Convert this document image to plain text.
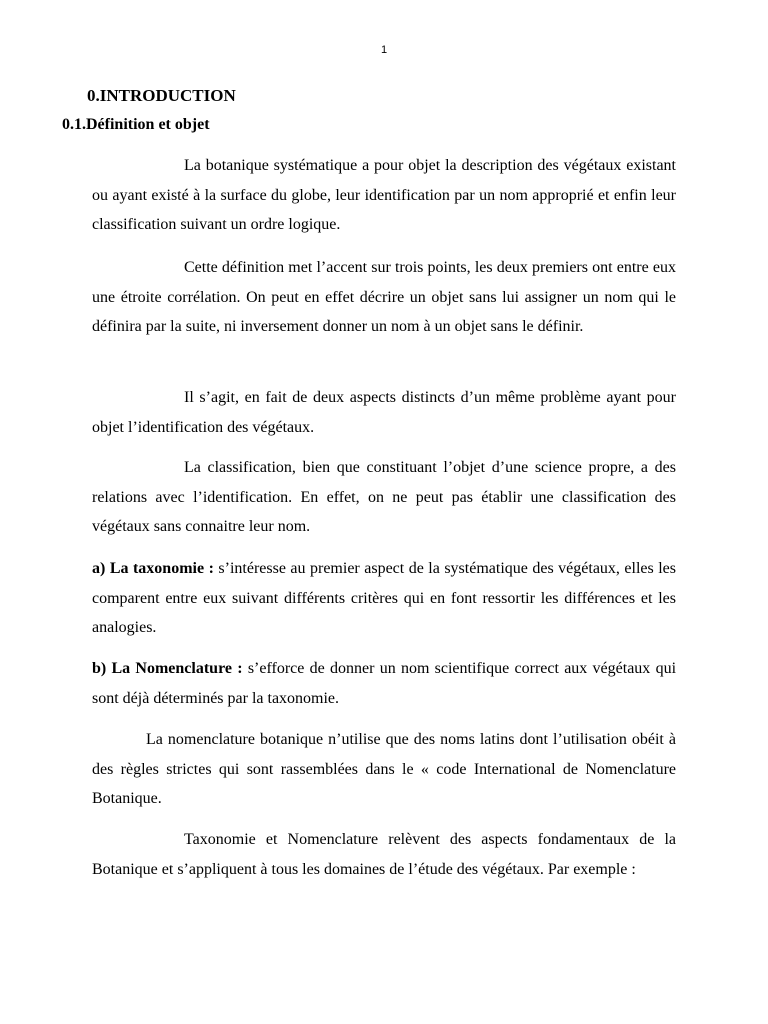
1
0.INTRODUCTION
0.1.Définition et objet

La botanique systématique a pour objet la description des végétaux existant ou ayant existé à la surface du globe, leur identification par un nom approprié et enfin leur classification suivant un ordre logique.

Cette définition met l’accent sur trois points, les deux premiers ont entre eux une étroite corrélation. On peut en effet décrire un objet sans lui assigner un nom qui le définira par la suite, ni inversement donner un nom à un objet sans le définir.

Il s’agit, en fait de deux aspects distincts d’un même problème ayant pour objet l’identification des végétaux.

La classification, bien que constituant l’objet d’une science propre, a des relations avec l’identification. En effet, on ne peut pas établir une classification des végétaux sans connaitre leur nom.

a) La taxonomie : s’intéresse au premier aspect de la systématique des végétaux, elles les comparent entre eux suivant différents critères qui en font ressortir les différences et les analogies.

b) La Nomenclature : s’efforce de donner un nom scientifique correct aux végétaux qui sont déjà déterminés par la taxonomie.

La nomenclature botanique n’utilise que des noms latins dont l’utilisation obéit à des règles strictes qui sont rassemblées dans le « code International de Nomenclature Botanique.

Taxonomie et Nomenclature relèvent des aspects fondamentaux de la Botanique et s’appliquent à tous les domaines de l’étude des végétaux. Par exemple :
